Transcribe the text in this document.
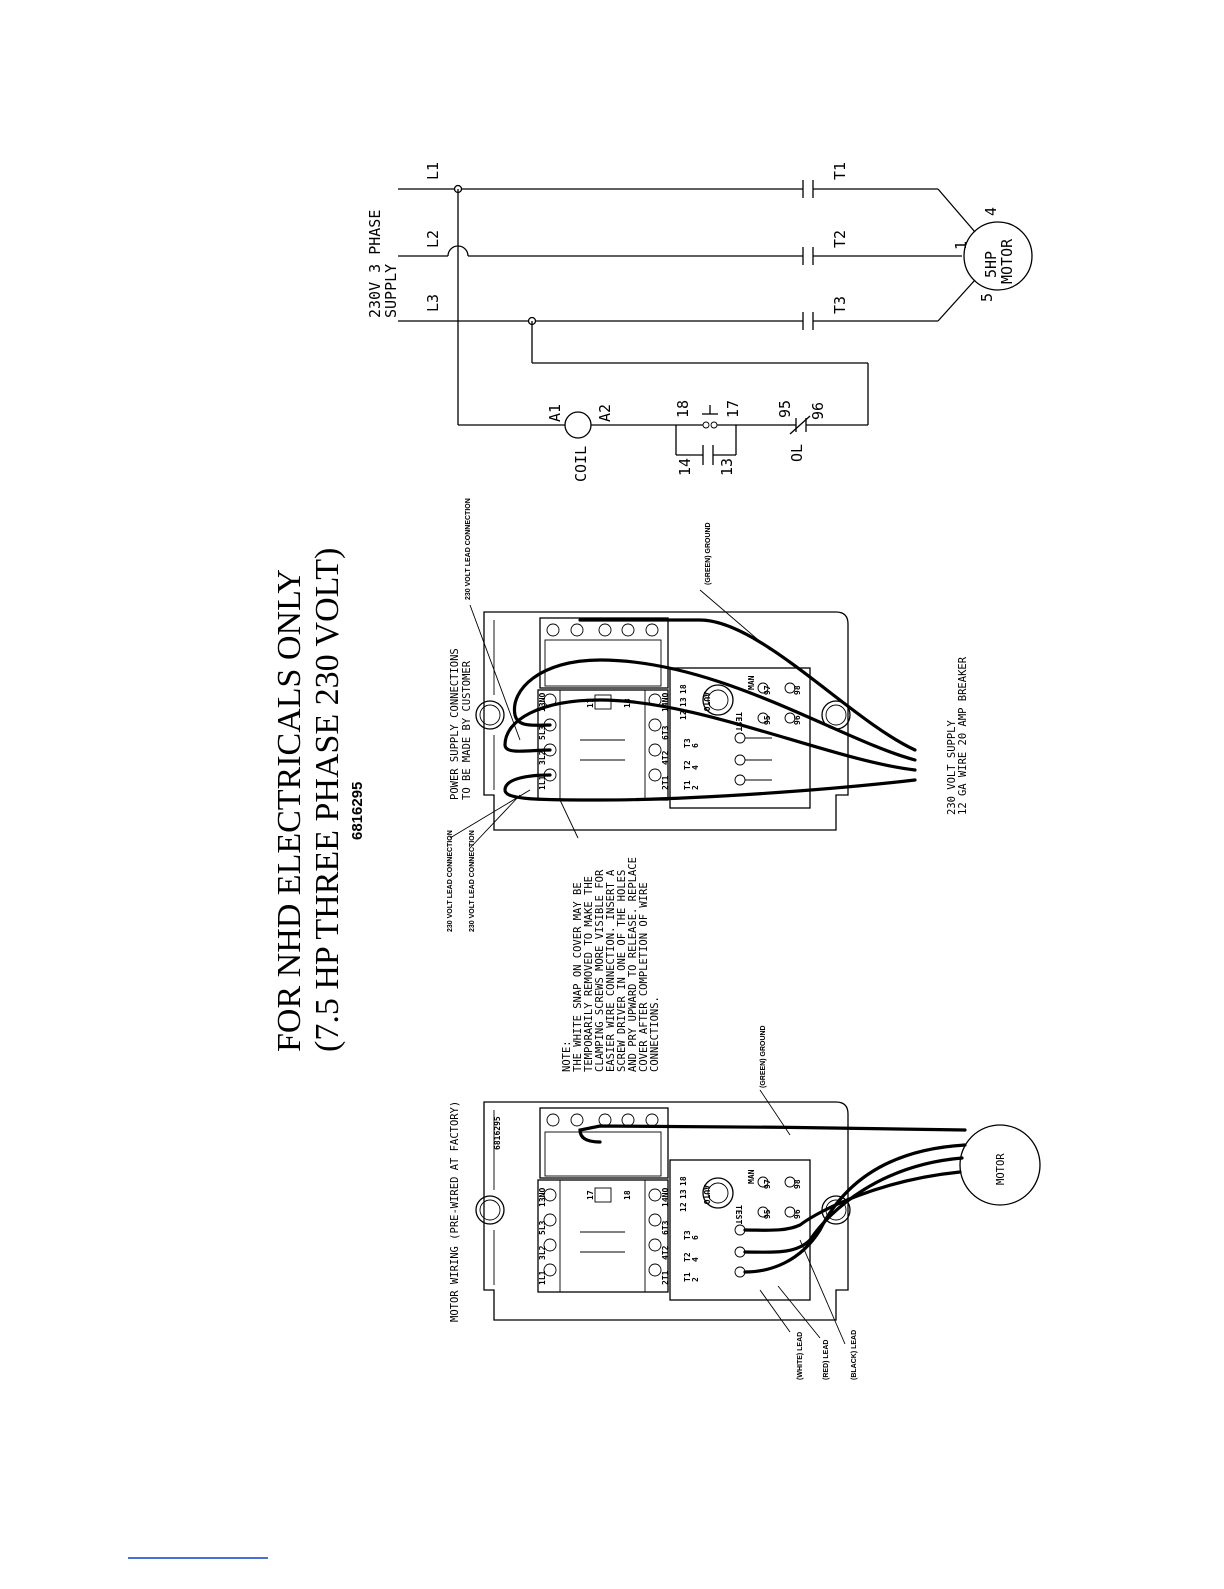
FOR NHD ELECTRICALS ONLY (7.5 HP THREE PHASE 230 VOLT) 6816295
230V 3 PHASE
SUPPLY
L1
L2
L3
T1
T2
T3
5HP
MOTOR
4
1
5
A1 A2
COIL
18 17
14 13
95 96
OL
1L1
3L2
5L3
13NO
2T1
4T2
6T3
14NO
17	18
T1 2
T2 4
T3 6
TEST
AUTO
MAN
95	96
97	98
12
13
18
POWER SUPPLY CONNECTIONS TO BE MADE BY CUSTOMER
230 VOLT LEAD CONNECTION
230 VOLT LEAD CONNECTION 230 VOLT LEAD CONNECTION
(GREEN) GROUND
230 VOLT SUPPLY 12 GA WIRE 20 AMP BREAKER
NOTE: THE WHITE SNAP ON COVER MAY BE TEMPORARILY REMOVED TO MAKE THE CLAMPING SCREWS MORE VISIBLE FOR EASIER WIRE CONNECTION. INSERT A SCREW DRIVER IN ONE OF THE HOLES AND PRY UPWARD TO RELEASE. REPLACE COVER AFTER COMPLETION OF WIRE CONNECTIONS.
1L1
3L2
5L3
13NO
2T1
4T2
6T3
14NO
17	18
T1 2
T2 4
T3 6
TEST
AUTO
MAN
95	96
97	98
12
13
18	MOTOR
MOTOR WIRING (PRE-WIRED AT FACTORY)	6816295
(GREEN) GROUND
(WHITE) LEAD	(RED) LEAD	(BLACK) LEAD
